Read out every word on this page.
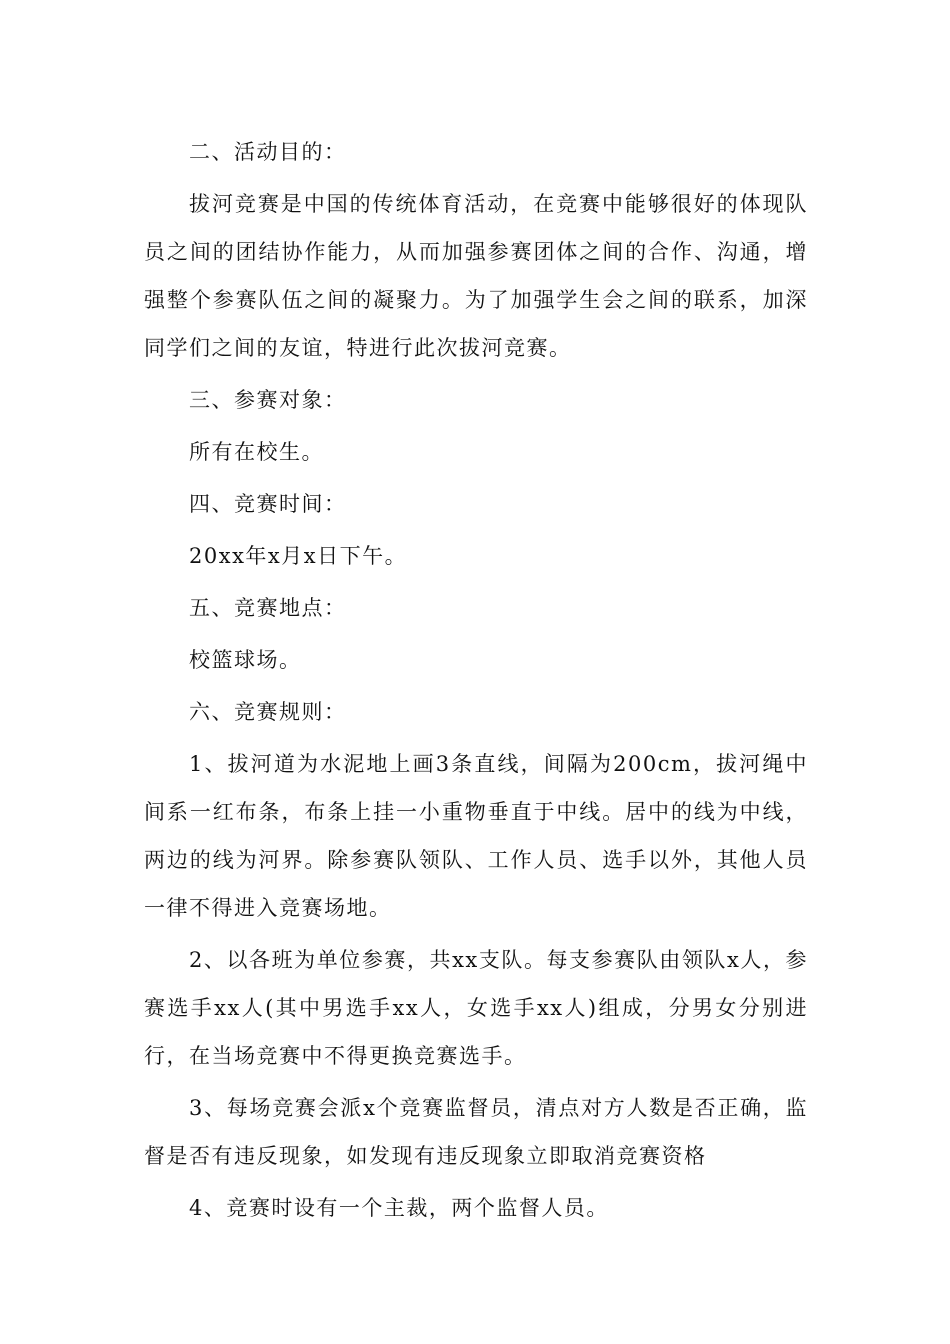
二、活动目的：

拔河竞赛是中国的传统体育活动，在竞赛中能够很好的体现队员之间的团结协作能力，从而加强参赛团体之间的合作、沟通，增强整个参赛队伍之间的凝聚力。为了加强学生会之间的联系，加深同学们之间的友谊，特进行此次拔河竞赛。

三、参赛对象：

所有在校生。

四、竞赛时间：

20xx年x月x日下午。

五、竞赛地点：

校篮球场。

六、竞赛规则：

1、拔河道为水泥地上画3条直线，间隔为200cm，拔河绳中间系一红布条，布条上挂一小重物垂直于中线。居中的线为中线，两边的线为河界。除参赛队领队、工作人员、选手以外，其他人员一律不得进入竞赛场地。

2、以各班为单位参赛，共xx支队。每支参赛队由领队x人，参赛选手xx人(其中男选手xx人，女选手xx人)组成，分男女分别进行，在当场竞赛中不得更换竞赛选手。

3、每场竞赛会派x个竞赛监督员，清点对方人数是否正确，监督是否有违反现象，如发现有违反现象立即取消竞赛资格

4、竞赛时设有一个主裁，两个监督人员。
